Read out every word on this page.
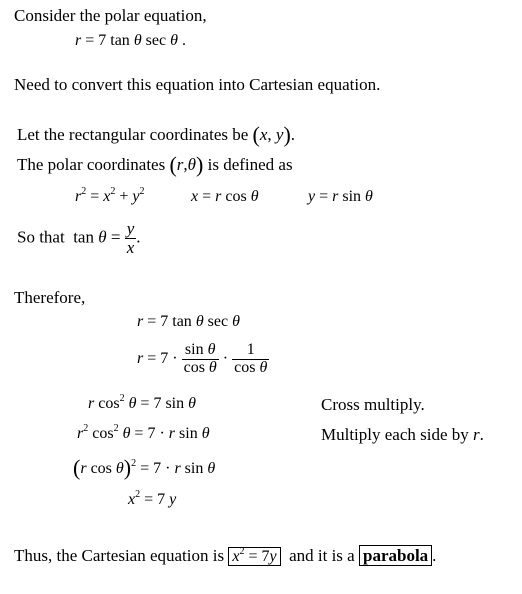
Consider the polar equation,
r = 7 tan θ sec θ .
Need to convert this equation into Cartesian equation.
Let the rectangular coordinates be (x, y).
The polar coordinates (r,θ) is defined as
$r^2 = x^2 + y^2$	x = r cos θ	y = r sin θ
So that  $\tan \theta = \frac{y}{x}$ .
Therefore,
r = 7 tan θ sec θ
$r = 7 \cdot \frac{\text{sin θ}}{\text{cos θ}} \cdot \frac{1}{\text{cos θ}}$
r $\cos^2 \theta = 7$ sin θ	Cross multiply.
$r^2$ $\cos^2 \theta = 7 \cdot r$ sin θ	Multiply each side by r.
(r cos θ)$^2$ = 7 · r sin θ
$x^2 = 7$ y
Thus, the Cartesian equation is $x^2 = 7y$ and it is a parabola .
